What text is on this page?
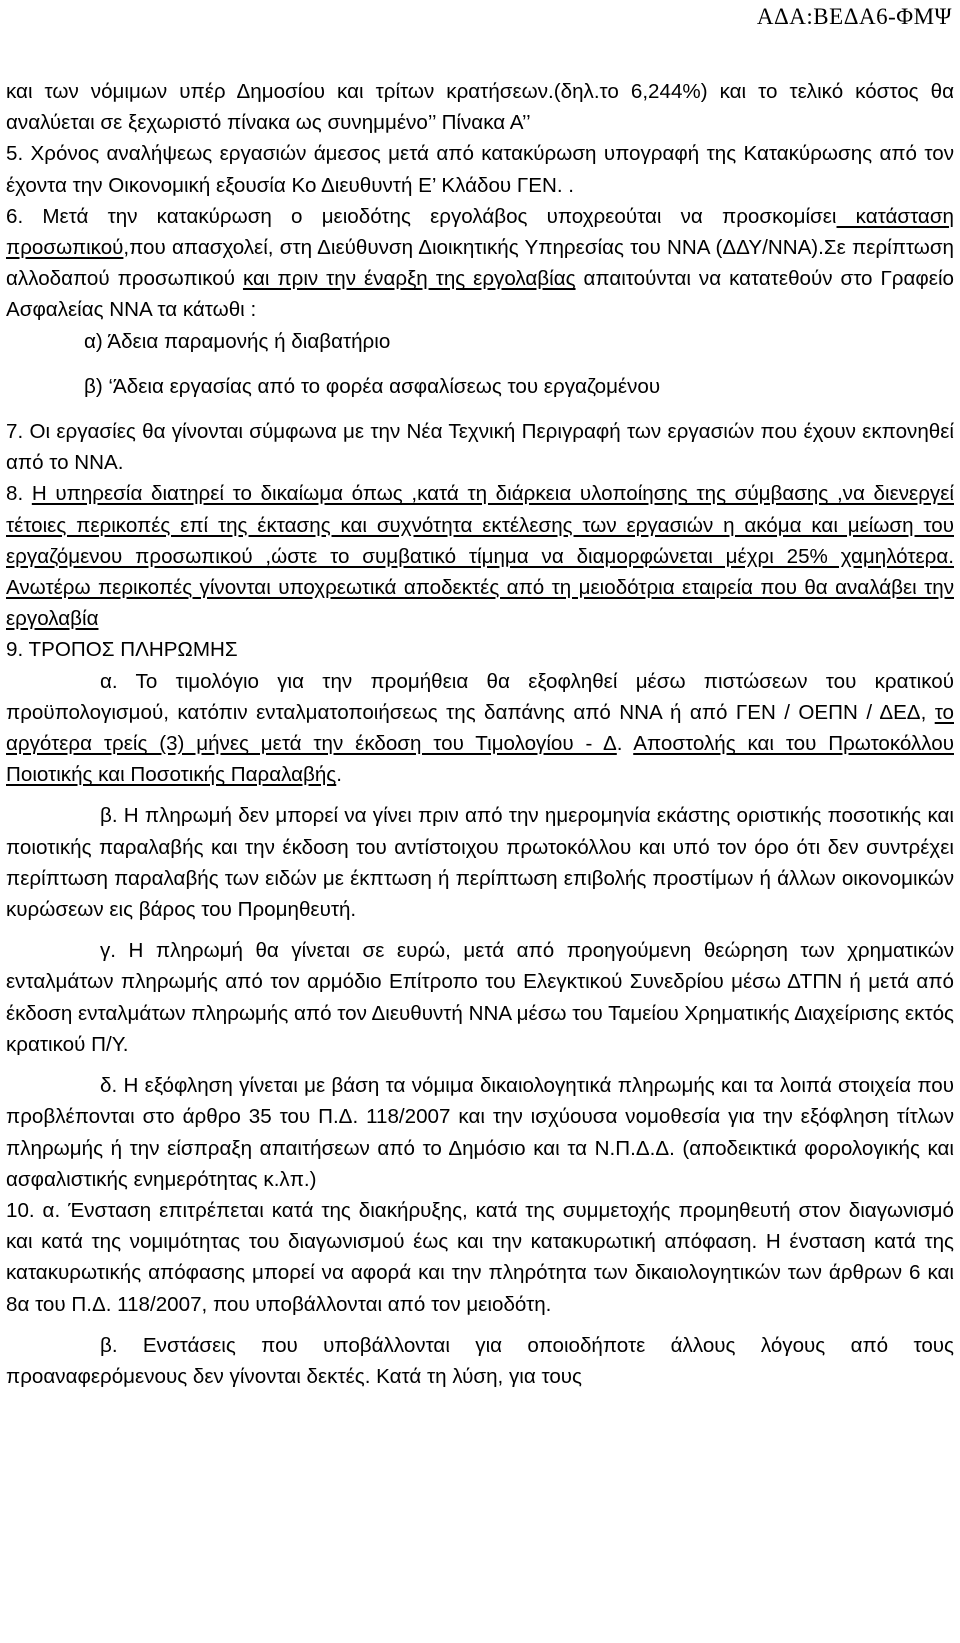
ΑΔΑ:ΒΕΔΑ6-ΦΜΨ

και των νόμιμων υπέρ Δημοσίου και τρίτων κρατήσεων.(δηλ.το 6,244%) και το τελικό κόστος θα αναλύεται σε ξεχωριστό πίνακα ως συνημμένο’’ Πίνακα Α’’

5. Χρόνος αναλήψεως εργασιών άμεσος μετά από κατακύρωση υπογραφή της Κατακύρωσης από τον έχοντα την Οικονομική εξουσία Κο Διευθυντή Ε’ Κλάδου ΓΕΝ. .

6. Μετά την κατακύρωση ο μειοδότης εργολάβος υποχρεούται να προσκομίσει κατάσταση προσωπικού,που απασχολεί, στη Διεύθυνση Διοικητικής Υπηρεσίας του ΝΝΑ (ΔΔΥ/ΝΝΑ).Σε περίπτωση αλλοδαπού προσωπικού και πριν την έναρξη της εργολαβίας απαιτούνται να κατατεθούν στο Γραφείο Ασφαλείας ΝΝΑ τα κάτωθι :

α) Άδεια παραμονής ή διαβατήριο

β) ‘Άδεια εργασίας από το φορέα ασφαλίσεως του εργαζομένου

7. Οι εργασίες θα γίνονται σύμφωνα με την Νέα Τεχνική Περιγραφή των εργασιών που έχουν εκπονηθεί από το ΝΝΑ.

8. Η υπηρεσία διατηρεί το δικαίωμα όπως ,κατά τη διάρκεια υλοποίησης της σύμβασης ,να διενεργεί τέτοιες περικοπές επί της έκτασης και συχνότητα εκτέλεσης των εργασιών η ακόμα και μείωση του εργαζόμενου προσωπικού ,ώστε το συμβατικό τίμημα να διαμορφώνεται μέχρι 25% χαμηλότερα. Ανωτέρω περικοπές γίνονται υποχρεωτικά αποδεκτές από τη μειοδότρια εταιρεία που θα αναλάβει την εργολαβία

9. ΤΡΟΠΟΣ ΠΛΗΡΩΜΗΣ

α. Το τιμολόγιο για την προμήθεια θα εξοφληθεί μέσω πιστώσεων του κρατικού προϋπολογισμού, κατόπιν ενταλματοποιήσεως της δαπάνης από ΝΝΑ ή από ΓΕΝ / ΟΕΠΝ / ΔΕΔ, το αργότερα τρείς (3) μήνες μετά την έκδοση του Τιμολογίου - Δ. Αποστολής και του Πρωτοκόλλου Ποιοτικής και Ποσοτικής Παραλαβής.

β. Η πληρωμή δεν μπορεί να γίνει πριν από την ημερομηνία εκάστης οριστικής ποσοτικής και ποιοτικής παραλαβής και την έκδοση του αντίστοιχου πρωτοκόλλου και υπό τον όρο ότι δεν συντρέχει περίπτωση παραλαβής των ειδών με έκπτωση ή περίπτωση επιβολής προστίμων ή άλλων οικονομικών κυρώσεων εις βάρος του Προμηθευτή.

γ. Η πληρωμή θα γίνεται σε ευρώ, μετά από προηγούμενη θεώρηση των χρηματικών ενταλμάτων πληρωμής από τον αρμόδιο Επίτροπο του Ελεγκτικού Συνεδρίου μέσω ΔΤΠΝ ή μετά από έκδοση ενταλμάτων πληρωμής από τον Διευθυντή ΝΝΑ μέσω του Ταμείου Χρηματικής Διαχείρισης εκτός κρατικού Π/Υ.

δ. Η εξόφληση γίνεται με βάση τα νόμιμα δικαιολογητικά πληρωμής και τα λοιπά στοιχεία που προβλέπονται στο άρθρο 35 του Π.Δ. 118/2007 και την ισχύουσα νομοθεσία για την εξόφληση τίτλων πληρωμής ή την είσπραξη απαιτήσεων από το Δημόσιο και τα Ν.Π.Δ.Δ. (αποδεικτικά φορολογικής και ασφαλιστικής ενημερότητας κ.λπ.)

10. α. Ένσταση επιτρέπεται κατά της διακήρυξης, κατά της συμμετοχής προμηθευτή στον διαγωνισμό και κατά της νομιμότητας του διαγωνισμού έως και την κατακυρωτική απόφαση. Η ένσταση κατά της κατακυρωτικής απόφασης μπορεί να αφορά και την πληρότητα των δικαιολογητικών των άρθρων 6 και 8α του Π.Δ. 118/2007, που υποβάλλονται από τον μειοδότη.

β. Ενστάσεις που υποβάλλονται για οποιοδήποτε άλλους λόγους από τους προαναφερόμενους δεν γίνονται δεκτές. Κατά τη λύση, για τους
